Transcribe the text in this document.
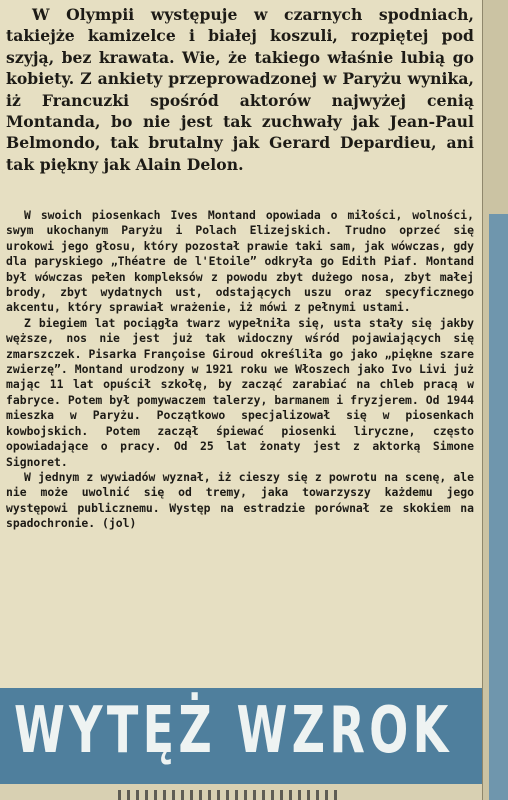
W Olympii występuje w czarnych spodniach, takiejże kamizelce i białej koszuli, rozpiętej pod szyją, bez krawata. Wie, że takiego właśnie lubią go kobiety. Z ankiety przeprowadzonej w Paryżu wynika, iż Francuzki spośród aktorów najwyżej cenią Montanda, bo nie jest tak zuchwały jak Jean-Paul Belmondo, tak brutalny jak Gerard Depardieu, ani tak piękny jak Alain Delon.

W swoich piosenkach Ives Montand opowiada o miłości, wolności, swym ukochanym Paryżu i Polach Elizejskich. Trudno oprzeć się urokowi jego głosu, który pozostał prawie taki sam, jak wówczas, gdy dla paryskiego „Théatre de l'Etoile” odkryła go Edith Piaf. Montand był wówczas pełen kompleksów z powodu zbyt dużego nosa, zbyt małej brody, zbyt wydatnych ust, odstających uszu oraz specyficznego akcentu, który sprawiał wrażenie, iż mówi z pełnymi ustami.

Z biegiem lat pociągła twarz wypełniła się, usta stały się jakby węższe, nos nie jest już tak widoczny wśród pojawiających się zmarszczek. Pisarka Françoise Giroud określiła go jako „piękne szare zwierzę”. Montand urodzony w 1921 roku we Włoszech jako Ivo Livi już mając 11 lat opuścił szkołę, by zacząć zarabiać na chleb pracą w fabryce. Potem był pomywaczem talerzy, barmanem i fryzjerem. Od 1944 mieszka w Paryżu. Początkowo specjalizował się w piosenkach kowbojskich. Potem zaczął śpiewać piosenki liryczne, często opowiadające o pracy. Od 25 lat żonaty jest z aktorką Simone Signoret.

W jednym z wywiadów wyznał, iż cieszy się z powrotu na scenę, ale nie może uwolnić się od tremy, jaka towarzyszy każdemu jego występowi publicznemu. Występ na estradzie porównał ze skokiem na spadochronie. (jol)

WYTĘŻ WZROK
